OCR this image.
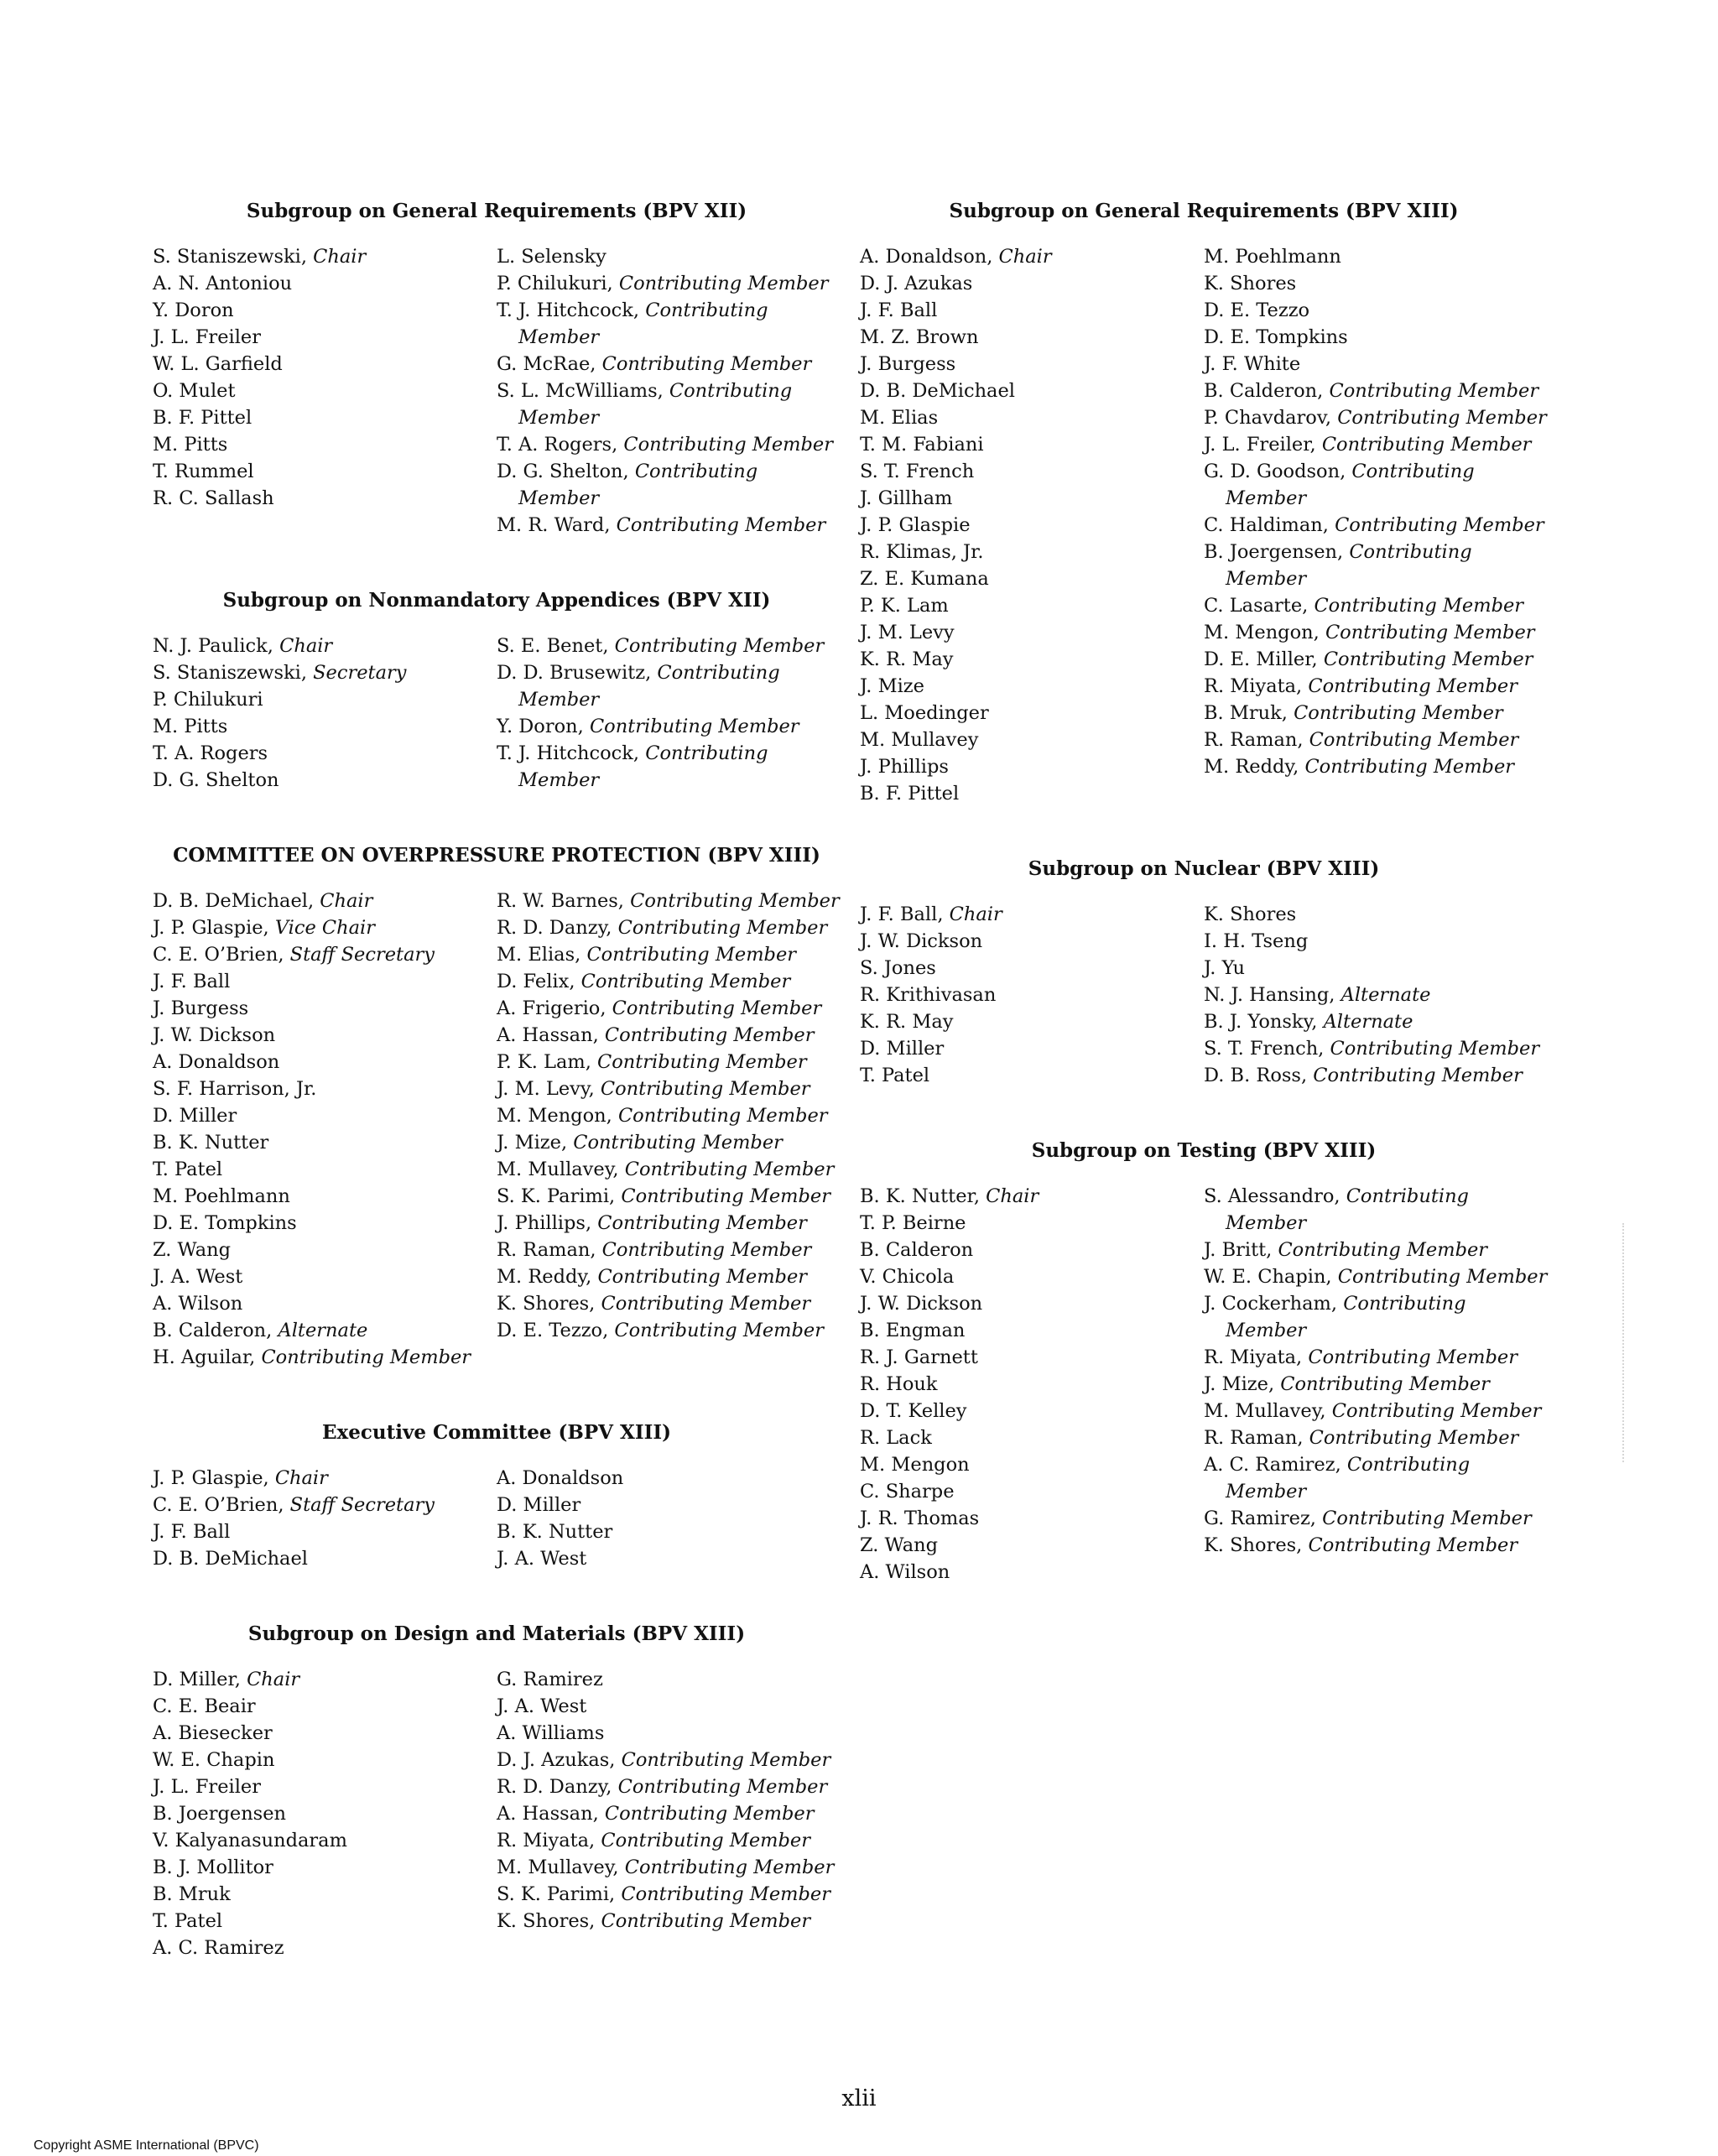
Subgroup on General Requirements (BPV XII)
S. Staniszewski, Chair
A. N. Antoniou
Y. Doron
J. L. Freiler
W. L. Garfield
O. Mulet
B. F. Pittel
M. Pitts
T. Rummel
R. C. Sallash
L. Selensky
P. Chilukuri, Contributing Member
T. J. Hitchcock, Contributing Member
G. McRae, Contributing Member
S. L. McWilliams, Contributing Member
T. A. Rogers, Contributing Member
D. G. Shelton, Contributing Member
M. R. Ward, Contributing Member
Subgroup on Nonmandatory Appendices (BPV XII)
N. J. Paulick, Chair
S. Staniszewski, Secretary
P. Chilukuri
M. Pitts
T. A. Rogers
D. G. Shelton
S. E. Benet, Contributing Member
D. D. Brusewitz, Contributing Member
Y. Doron, Contributing Member
T. J. Hitchcock, Contributing Member
COMMITTEE ON OVERPRESSURE PROTECTION (BPV XIII)
D. B. DeMichael, Chair
J. P. Glaspie, Vice Chair
C. E. O’Brien, Staff Secretary
J. F. Ball
J. Burgess
J. W. Dickson
A. Donaldson
S. F. Harrison, Jr.
D. Miller
B. K. Nutter
T. Patel
M. Poehlmann
D. E. Tompkins
Z. Wang
J. A. West
A. Wilson
B. Calderon, Alternate
H. Aguilar, Contributing Member
R. W. Barnes, Contributing Member
R. D. Danzy, Contributing Member
M. Elias, Contributing Member
D. Felix, Contributing Member
A. Frigerio, Contributing Member
A. Hassan, Contributing Member
P. K. Lam, Contributing Member
J. M. Levy, Contributing Member
M. Mengon, Contributing Member
J. Mize, Contributing Member
M. Mullavey, Contributing Member
S. K. Parimi, Contributing Member
J. Phillips, Contributing Member
R. Raman, Contributing Member
M. Reddy, Contributing Member
K. Shores, Contributing Member
D. E. Tezzo, Contributing Member
Executive Committee (BPV XIII)
J. P. Glaspie, Chair
C. E. O’Brien, Staff Secretary
J. F. Ball
D. B. DeMichael
A. Donaldson
D. Miller
B. K. Nutter
J. A. West
Subgroup on Design and Materials (BPV XIII)
D. Miller, Chair
C. E. Beair
A. Biesecker
W. E. Chapin
J. L. Freiler
B. Joergensen
V. Kalyanasundaram
B. J. Mollitor
B. Mruk
T. Patel
A. C. Ramirez
G. Ramirez
J. A. West
A. Williams
D. J. Azukas, Contributing Member
R. D. Danzy, Contributing Member
A. Hassan, Contributing Member
R. Miyata, Contributing Member
M. Mullavey, Contributing Member
S. K. Parimi, Contributing Member
K. Shores, Contributing Member
Subgroup on General Requirements (BPV XIII)
A. Donaldson, Chair
D. J. Azukas
J. F. Ball
M. Z. Brown
J. Burgess
D. B. DeMichael
M. Elias
T. M. Fabiani
S. T. French
J. Gillham
J. P. Glaspie
R. Klimas, Jr.
Z. E. Kumana
P. K. Lam
J. M. Levy
K. R. May
J. Mize
L. Moedinger
M. Mullavey
J. Phillips
B. F. Pittel
M. Poehlmann
K. Shores
D. E. Tezzo
D. E. Tompkins
J. F. White
B. Calderon, Contributing Member
P. Chavdarov, Contributing Member
J. L. Freiler, Contributing Member
G. D. Goodson, Contributing Member
C. Haldiman, Contributing Member
B. Joergensen, Contributing Member
C. Lasarte, Contributing Member
M. Mengon, Contributing Member
D. E. Miller, Contributing Member
R. Miyata, Contributing Member
B. Mruk, Contributing Member
R. Raman, Contributing Member
M. Reddy, Contributing Member
Subgroup on Nuclear (BPV XIII)
J. F. Ball, Chair
J. W. Dickson
S. Jones
R. Krithivasan
K. R. May
D. Miller
T. Patel
K. Shores
I. H. Tseng
J. Yu
N. J. Hansing, Alternate
B. J. Yonsky, Alternate
S. T. French, Contributing Member
D. B. Ross, Contributing Member
Subgroup on Testing (BPV XIII)
B. K. Nutter, Chair
T. P. Beirne
B. Calderon
V. Chicola
J. W. Dickson
B. Engman
R. J. Garnett
R. Houk
D. T. Kelley
R. Lack
M. Mengon
C. Sharpe
J. R. Thomas
Z. Wang
A. Wilson
S. Alessandro, Contributing Member
J. Britt, Contributing Member
W. E. Chapin, Contributing Member
J. Cockerham, Contributing Member
R. Miyata, Contributing Member
J. Mize, Contributing Member
M. Mullavey, Contributing Member
R. Raman, Contributing Member
A. C. Ramirez, Contributing Member
G. Ramirez, Contributing Member
K. Shores, Contributing Member
xlii
Copyright ASME International (BPVC)
